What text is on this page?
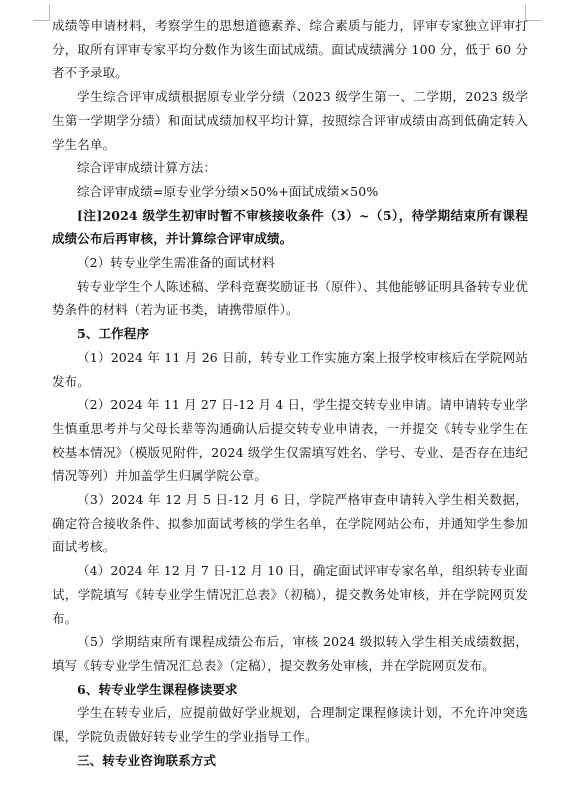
成绩等申请材料，考察学生的思想道德素养、综合素质与能力，评审专家独立评审打分，取所有评审专家平均分数作为该生面试成绩。面试成绩满分 100 分，低于 60 分者不予录取。

学生综合评审成绩根据原专业学分绩（2023 级学生第一、二学期，2023 级学生第一学期学分绩）和面试成绩加权平均计算，按照综合评审成绩由高到低确定转入学生名单。

综合评审成绩计算方法：

综合评审成绩=原专业学分绩×50%+面试成绩×50%

[注]2024 级学生初审时暂不审核接收条件（3）~（5），待学期结束所有课程成绩公布后再审核，并计算综合评审成绩。

（2）转专业学生需准备的面试材料

转专业学生个人陈述稿、学科竞赛奖励证书（原件）、其他能够证明具备转专业优势条件的材料（若为证书类，请携带原件）。

5、工作程序

（1）2024 年 11 月 26 日前，转专业工作实施方案上报学校审核后在学院网站发布。

（2）2024 年 11 月 27 日-12 月 4 日，学生提交转专业申请。请申请转专业学生慎重思考并与父母长辈等沟通确认后提交转专业申请表，一并提交《转专业学生在校基本情况》（模版见附件，2024 级学生仅需填写姓名、学号、专业、是否存在违纪情况等列）并加盖学生归属学院公章。

（3）2024 年 12 月 5 日-12 月 6 日，学院严格审查申请转入学生相关数据，确定符合接收条件、拟参加面试考核的学生名单，在学院网站公布，并通知学生参加面试考核。

（4）2024 年 12 月 7 日-12 月 10 日，确定面试评审专家名单，组织转专业面试，学院填写《转专业学生情况汇总表》（初稿），提交教务处审核，并在学院网页发布。

（5）学期结束所有课程成绩公布后，审核 2024 级拟转入学生相关成绩数据，填写《转专业学生情况汇总表》（定稿），提交教务处审核，并在学院网页发布。

6、转专业学生课程修读要求

学生在转专业后，应提前做好学业规划，合理制定课程修读计划，不允许冲突选课，学院负责做好转专业学生的学业指导工作。

三、转专业咨询联系方式
